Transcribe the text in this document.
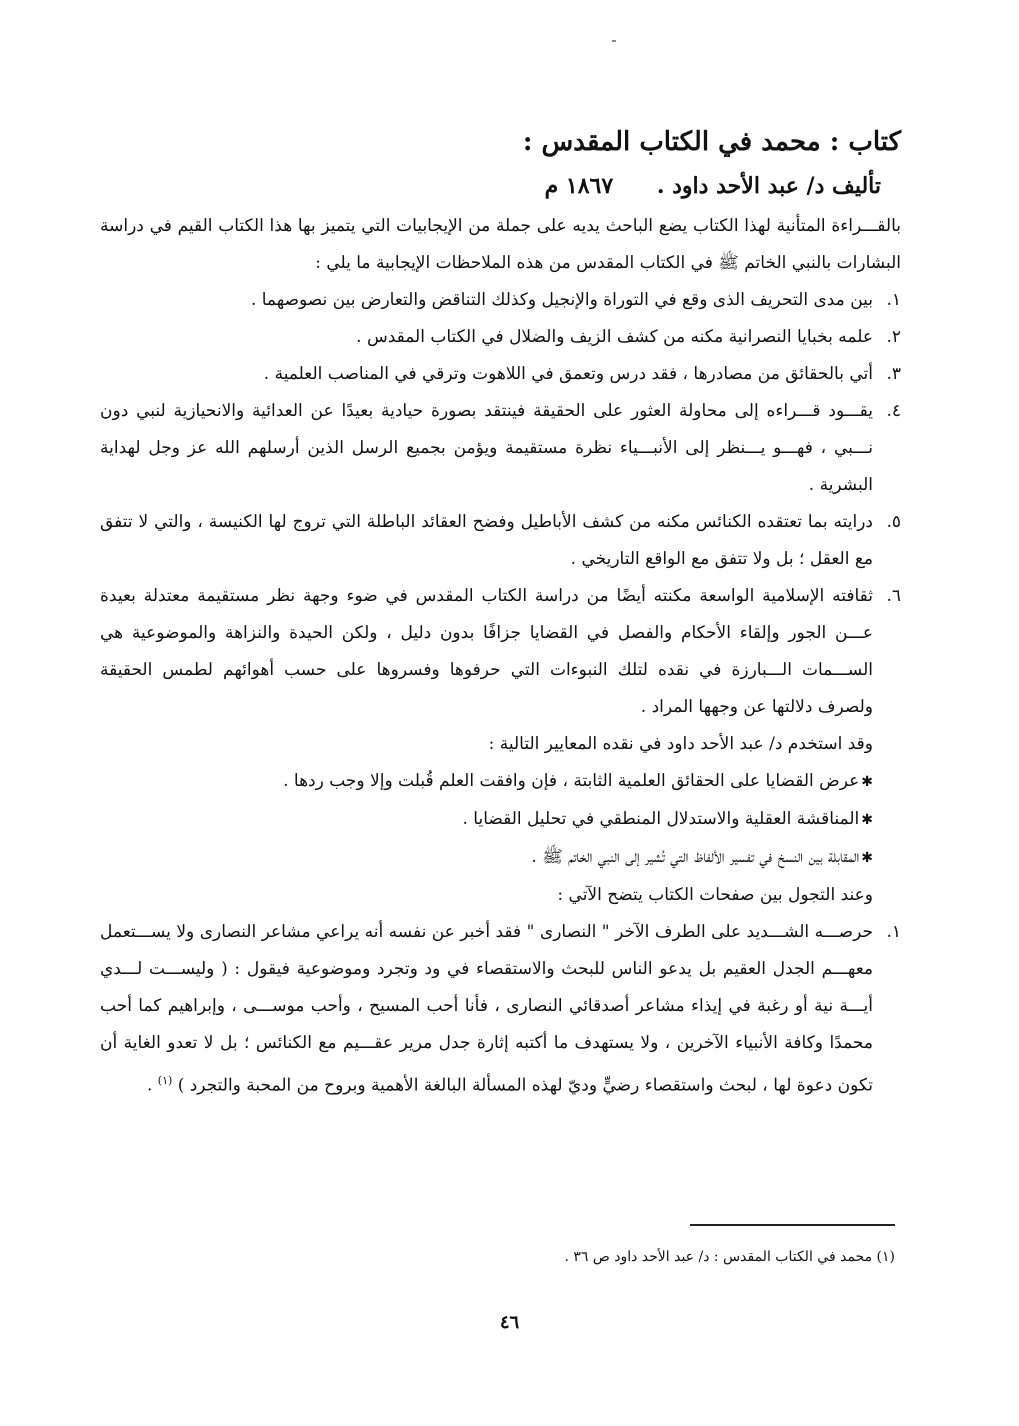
كتاب : محمد في الكتاب المقدس :
تأليف د/ عبد الأحد داود . ١٨٦٧ م

بالقـــراءة المتأنية لهذا الكتاب يضع الباحث يديه على جملة من الإيجابيات التي يتميز بها هذا الكتاب القيم في دراسة البشارات بالنبي الخاتم ﷺ في الكتاب المقدس من هذه الملاحظات الإيجابية ما يلي :

١.
بين مدى التحريف الذى وقع في التوراة والإنجيل وكذلك التناقض والتعارض بين نصوصهما .
٢.
علمه بخبايا النصرانية مكنه من كشف الزيف والضلال في الكتاب المقدس .
٣.
أتي بالحقائق من مصادرها ، فقد درس وتعمق في اللاهوت وترقي في المناصب العلمية .
٤.
يقـــود قـــراءه إلى محاولة العثور على الحقيقة فينتقد بصورة حيادية بعيدًا عن العدائية والانحيازية لنبي دون نـــبي ، فهـــو يـــنظر إلى الأنبـــياء نظرة مستقيمة ويؤمن بجميع الرسل الذين أرسلهم الله عز وجل لهداية البشرية .
٥.
درايته بما تعتقده الكنائس مكنه من كشف الأباطيل وفضح العقائد الباطلة التي تروج لها الكنيسة ، والتي لا تتفق مع العقل ؛ بل ولا تتفق مع الواقع التاريخي .
٦.
ثقافته الإسلامية الواسعة مكنته أيضًا من دراسة الكتاب المقدس في ضوء وجهة نظر مستقيمة معتدلة بعيدة عـــن الجور وإلقاء الأحكام والفصل في القضايا جزافًا بدون دليل ، ولكن الحيدة والنزاهة والموضوعية هي الســـمات الـــبارزة في نقده لتلك النبوءات التي حرفوها وفسروها على حسب أهوائهم لطمس الحقيقة ولصرف دلالتها عن وجهها المراد .

وقد استخدم د/ عبد الأحد داود في نقده المعايير التالية :

✱عرض القضايا على الحقائق العلمية الثابتة ، فإن وافقت العلم قُبلت وإلا وجب ردها .

✱المناقشة العقلية والاستدلال المنطقي في تحليل القضايا .

✱المقابلة بين النسخ في تفسير الألفاظ التي تُشير إلى النبي الخاتم ﷺ .

وعند التجول بين صفحات الكتاب يتضح الآتي :

١.
حرصـــه الشـــديد على الطرف الآخر " النصارى " فقد أخبر عن نفسه أنه يراعي مشاعر النصارى ولا يســـتعمل معهـــم الجدل العقيم بل يدعو الناس للبحث والاستقصاء في ود وتجرد وموضوعية فيقول : ( وليســـت لـــدي أيـــة نية أو رغبة في إيذاء مشاعر أصدقائي النصارى ، فأنا أحب المسيح ، وأحب موســـى ، وإبراهيم كما أحب محمدًا وكافة الأنبياء الآخرين ، ولا يستهدف ما أكتبه إثارة جدل مرير عقـــيم مع الكنائس ؛ بل لا تعدو الغاية أن تكون دعوة لها ، لبحث واستقصاء رضيٍّ وديّ لهذه المسألة البالغة الأهمية وبروح من المحبة والتجرد ) $^{(١)}$ .
(١) محمد في الكتاب المقدس : د/ عبد الأحد داود ص ٣٦ .
٤٦
